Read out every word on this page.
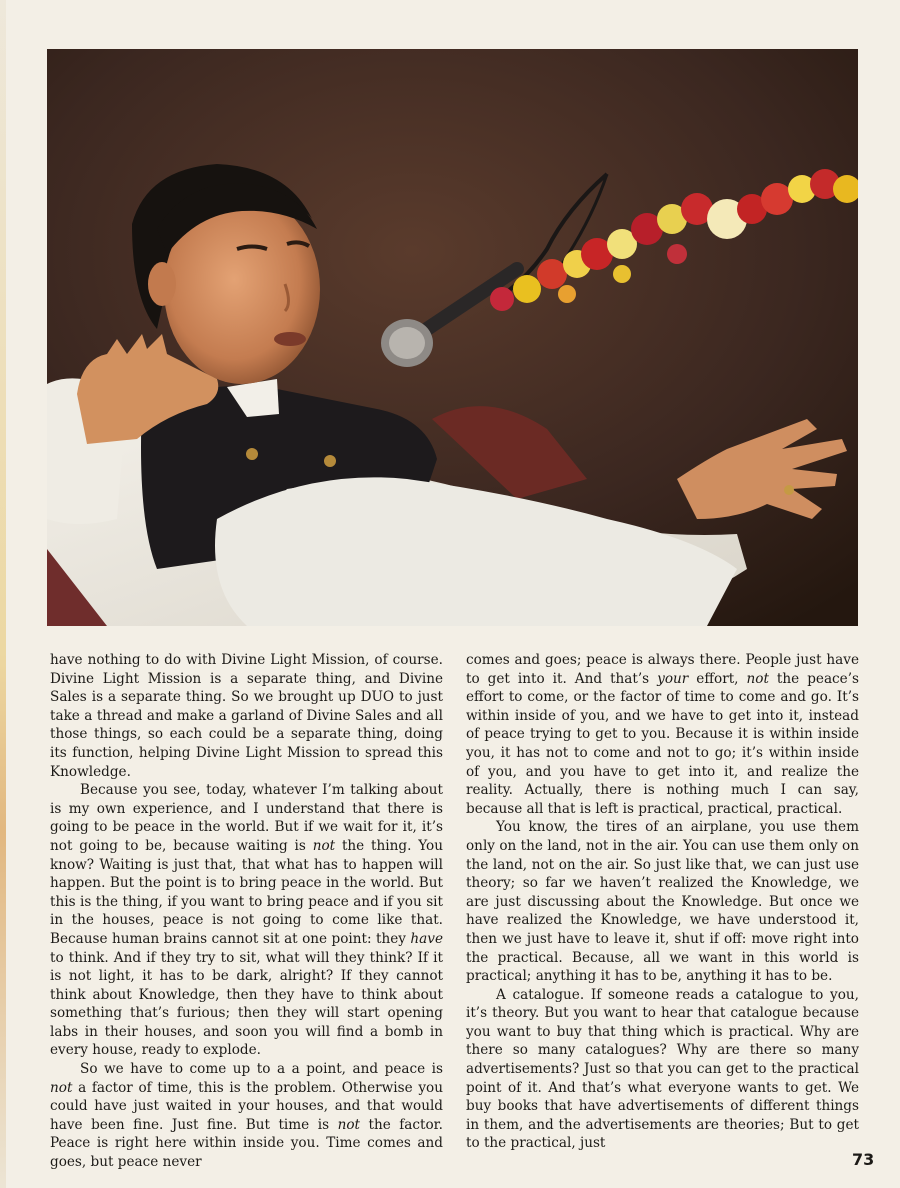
have nothing to do with Divine Light Mission, of course. Divine Light Mission is a separate thing, and Divine Sales is a separate thing. So we brought up DUO to just take a thread and make a garland of Divine Sales and all those things, so each could be a separate thing, doing its function, helping Divine Light Mission to spread this Knowledge.

Because you see, today, whatever I’m talking about is my own experience, and I understand that there is going to be peace in the world. But if we wait for it, it’s not going to be, because waiting is not the thing. You know? Waiting is just that, that what has to happen will happen. But the point is to bring peace in the world. But this is the thing, if you want to bring peace and if you sit in the houses, peace is not going to come like that. Because human brains cannot sit at one point: they have to think. And if they try to sit, what will they think? If it is not light, it has to be dark, alright? If they cannot think about Knowledge, then they have to think about something that’s furious; then they will start opening labs in their houses, and soon you will find a bomb in every house, ready to explode.

So we have to come up to a a point, and peace is not a factor of time, this is the problem. Otherwise you could have just waited in your houses, and that would have been fine. Just fine. But time is not the factor. Peace is right here within inside you. Time comes and goes, but peace never

comes and goes; peace is always there. People just have to get into it. And that’s your effort, not the peace’s effort to come, or the factor of time to come and go. It’s within inside of you, and we have to get into it, instead of peace trying to get to you. Because it is within inside you, it has not to come and not to go; it’s within inside of you, and you have to get into it, and realize the reality. Actually, there is nothing much I can say, because all that is left is practical, practical, practical.

You know, the tires of an airplane, you use them only on the land, not in the air. You can use them only on the land, not on the air. So just like that, we can just use theory; so far we haven’t realized the Knowledge, we are just discussing about the Knowledge. But once we have realized the Knowledge, we have understood it, then we just have to leave it, shut if off: move right into the practical. Because, all we want in this world is practical; anything it has to be, anything it has to be.

A catalogue. If someone reads a catalogue to you, it’s theory. But you want to hear that catalogue because you want to buy that thing which is practical. Why are there so many catalogues? Why are there so many advertisements? Just so that you can get to the practical point of it. And that’s what everyone wants to get. We buy books that have advertisements of different things in them, and the advertisements are theories; But to get to the practical, just

73
